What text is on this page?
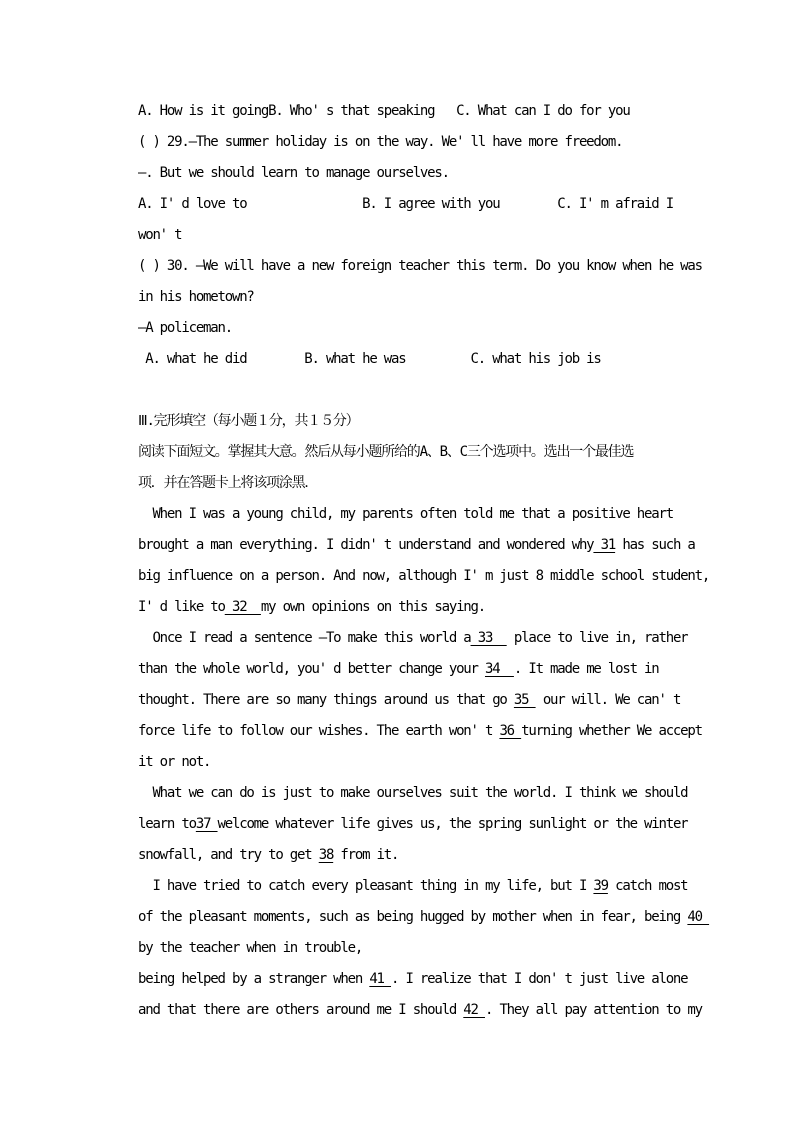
A. How is it goingB. Who' s that speaking   C. What can I do for you
( ) 29.—The summer holiday is on the way. We' ll have more freedom.
—. But we should learn to manage ourselves.
A. I' d love to                B. I agree with you        C. I' m afraid I
won' t
( ) 30. —We will have a new foreign teacher this term. Do you know when he was
in his hometown?
—A policeman.
A. what he did        B. what he was         C. what his job is

Ⅲ.完形填空（每小题１分，共１５分）
阅读下面短文。掌握其大意。然后从每小题所给的A、B、C三个选项中。选出一个最佳选
项．并在答题卡上将该项涂黑．
When I was a young child, my parents often told me that a positive heart
brought a man everything. I didn' t understand and wondered why 31 has such a
big influence on a person. And now, although I' m just 8 middle school student,
I' d like to 32  my own opinions on this saying.
Once I read a sentence —To make this world a 33   place to live in, rather
than the whole world, you' d better change your 34  . It made me lost in
thought. There are so many things around us that go 35  our will. We can' t
force life to follow our wishes. The earth won' t 36 turning whether We accept
it or not.
What we can do is just to make ourselves suit the world. I think we should
learn to37 welcome whatever life gives us, the spring sunlight or the winter
snowfall, and try to get 38 from it.
I have tried to catch every pleasant thing in my life, but I 39 catch most
of the pleasant moments, such as being hugged by mother when in fear, being 40
by the teacher when in trouble,
being helped by a stranger when 41 . I realize that I don' t just live alone
and that there are others around me I should 42 . They all pay attention to my
